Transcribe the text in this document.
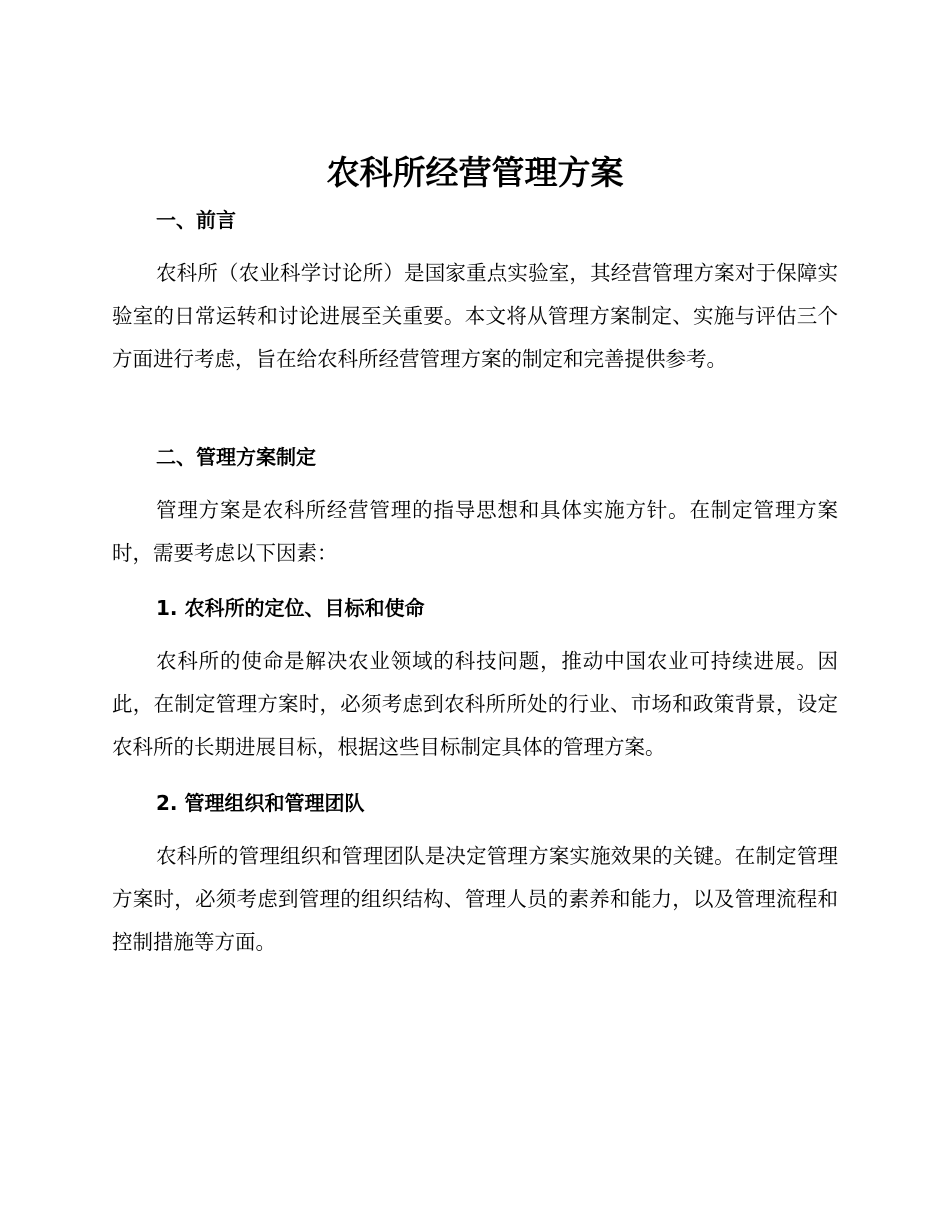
农科所经营管理方案
一、前言

农科所（农业科学讨论所）是国家重点实验室，其经营管理方案对于保障实验室的日常运转和讨论进展至关重要。本文将从管理方案制定、实施与评估三个方面进行考虑，旨在给农科所经营管理方案的制定和完善提供参考。

二、管理方案制定

管理方案是农科所经营管理的指导思想和具体实施方针。在制定管理方案时，需要考虑以下因素：

1. 农科所的定位、目标和使命

农科所的使命是解决农业领域的科技问题，推动中国农业可持续进展。因此，在制定管理方案时，必须考虑到农科所所处的行业、市场和政策背景，设定农科所的长期进展目标，根据这些目标制定具体的管理方案。

2. 管理组织和管理团队

农科所的管理组织和管理团队是决定管理方案实施效果的关键。在制定管理方案时，必须考虑到管理的组织结构、管理人员的素养和能力，以及管理流程和控制措施等方面。
